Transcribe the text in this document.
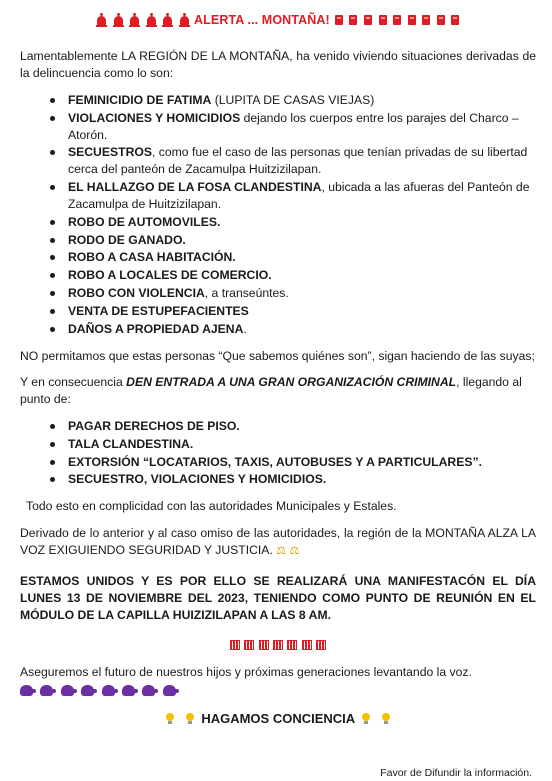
ALERTA ... MONTAÑA!

Lamentablemente LA REGIÓN DE LA MONTAÑA, ha venido viviendo situaciones derivadas de la delincuencia como lo son:

FEMINICIDIO DE FATIMA (LUPITA DE CASAS VIEJAS)
VIOLACIONES Y HOMICIDIOS dejando los cuerpos entre los parajes del Charco – Atorón.
SECUESTROS, como fue el caso de las personas que tenían privadas de su libertad cerca del panteón de Zacamulpa Huitzizilapan.
EL HALLAZGO DE LA FOSA CLANDESTINA, ubicada a las afueras del Panteón de Zacamulpa de Huitzizilapan.
ROBO DE AUTOMOVILES.
RODO DE GANADO.
ROBO A CASA HABITACIÓN.
ROBO A LOCALES DE COMERCIO.
ROBO CON VIOLENCIA, a transeúntes.
VENTA DE ESTUPEFACIENTES
DAÑOS A PROPIEDAD AJENA.

NO permitamos que estas personas “Que sabemos quiénes son”, sigan haciendo de las suyas;

Y en consecuencia DEN ENTRADA A UNA GRAN ORGANIZACIÓN CRIMINAL, llegando al punto de:

PAGAR DERECHOS DE PISO.
TALA CLANDESTINA.
EXTORSIÓN “LOCATARIOS, TAXIS, AUTOBUSES Y A PARTICULARES”.
SECUESTRO, VIOLACIONES Y HOMICIDIOS.

Todo esto en complicidad con las autoridades Municipales y Estales.

Derivado de lo anterior y al caso omiso de las autoridades, la región de la MONTAÑA ALZA LA VOZ EXIGUIENDO SEGURIDAD Y JUSTICIA. ⚖ ⚖

ESTAMOS UNIDOS Y ES POR ELLO SE REALIZARÁ UNA MANIFESTACÓN EL DÍA LUNES 13 DE NOVIEMBRE DEL 2023, TENIENDO COMO PUNTO DE REUNIÓN EN EL MÓDULO DE LA CAPILLA HUIZIZILAPAN A LAS 8 AM.

Aseguremos el futuro de nuestros hijos y próximas generaciones levantando la voz.

HAGAMOS CONCIENCIA
Favor de Difundir la información.
